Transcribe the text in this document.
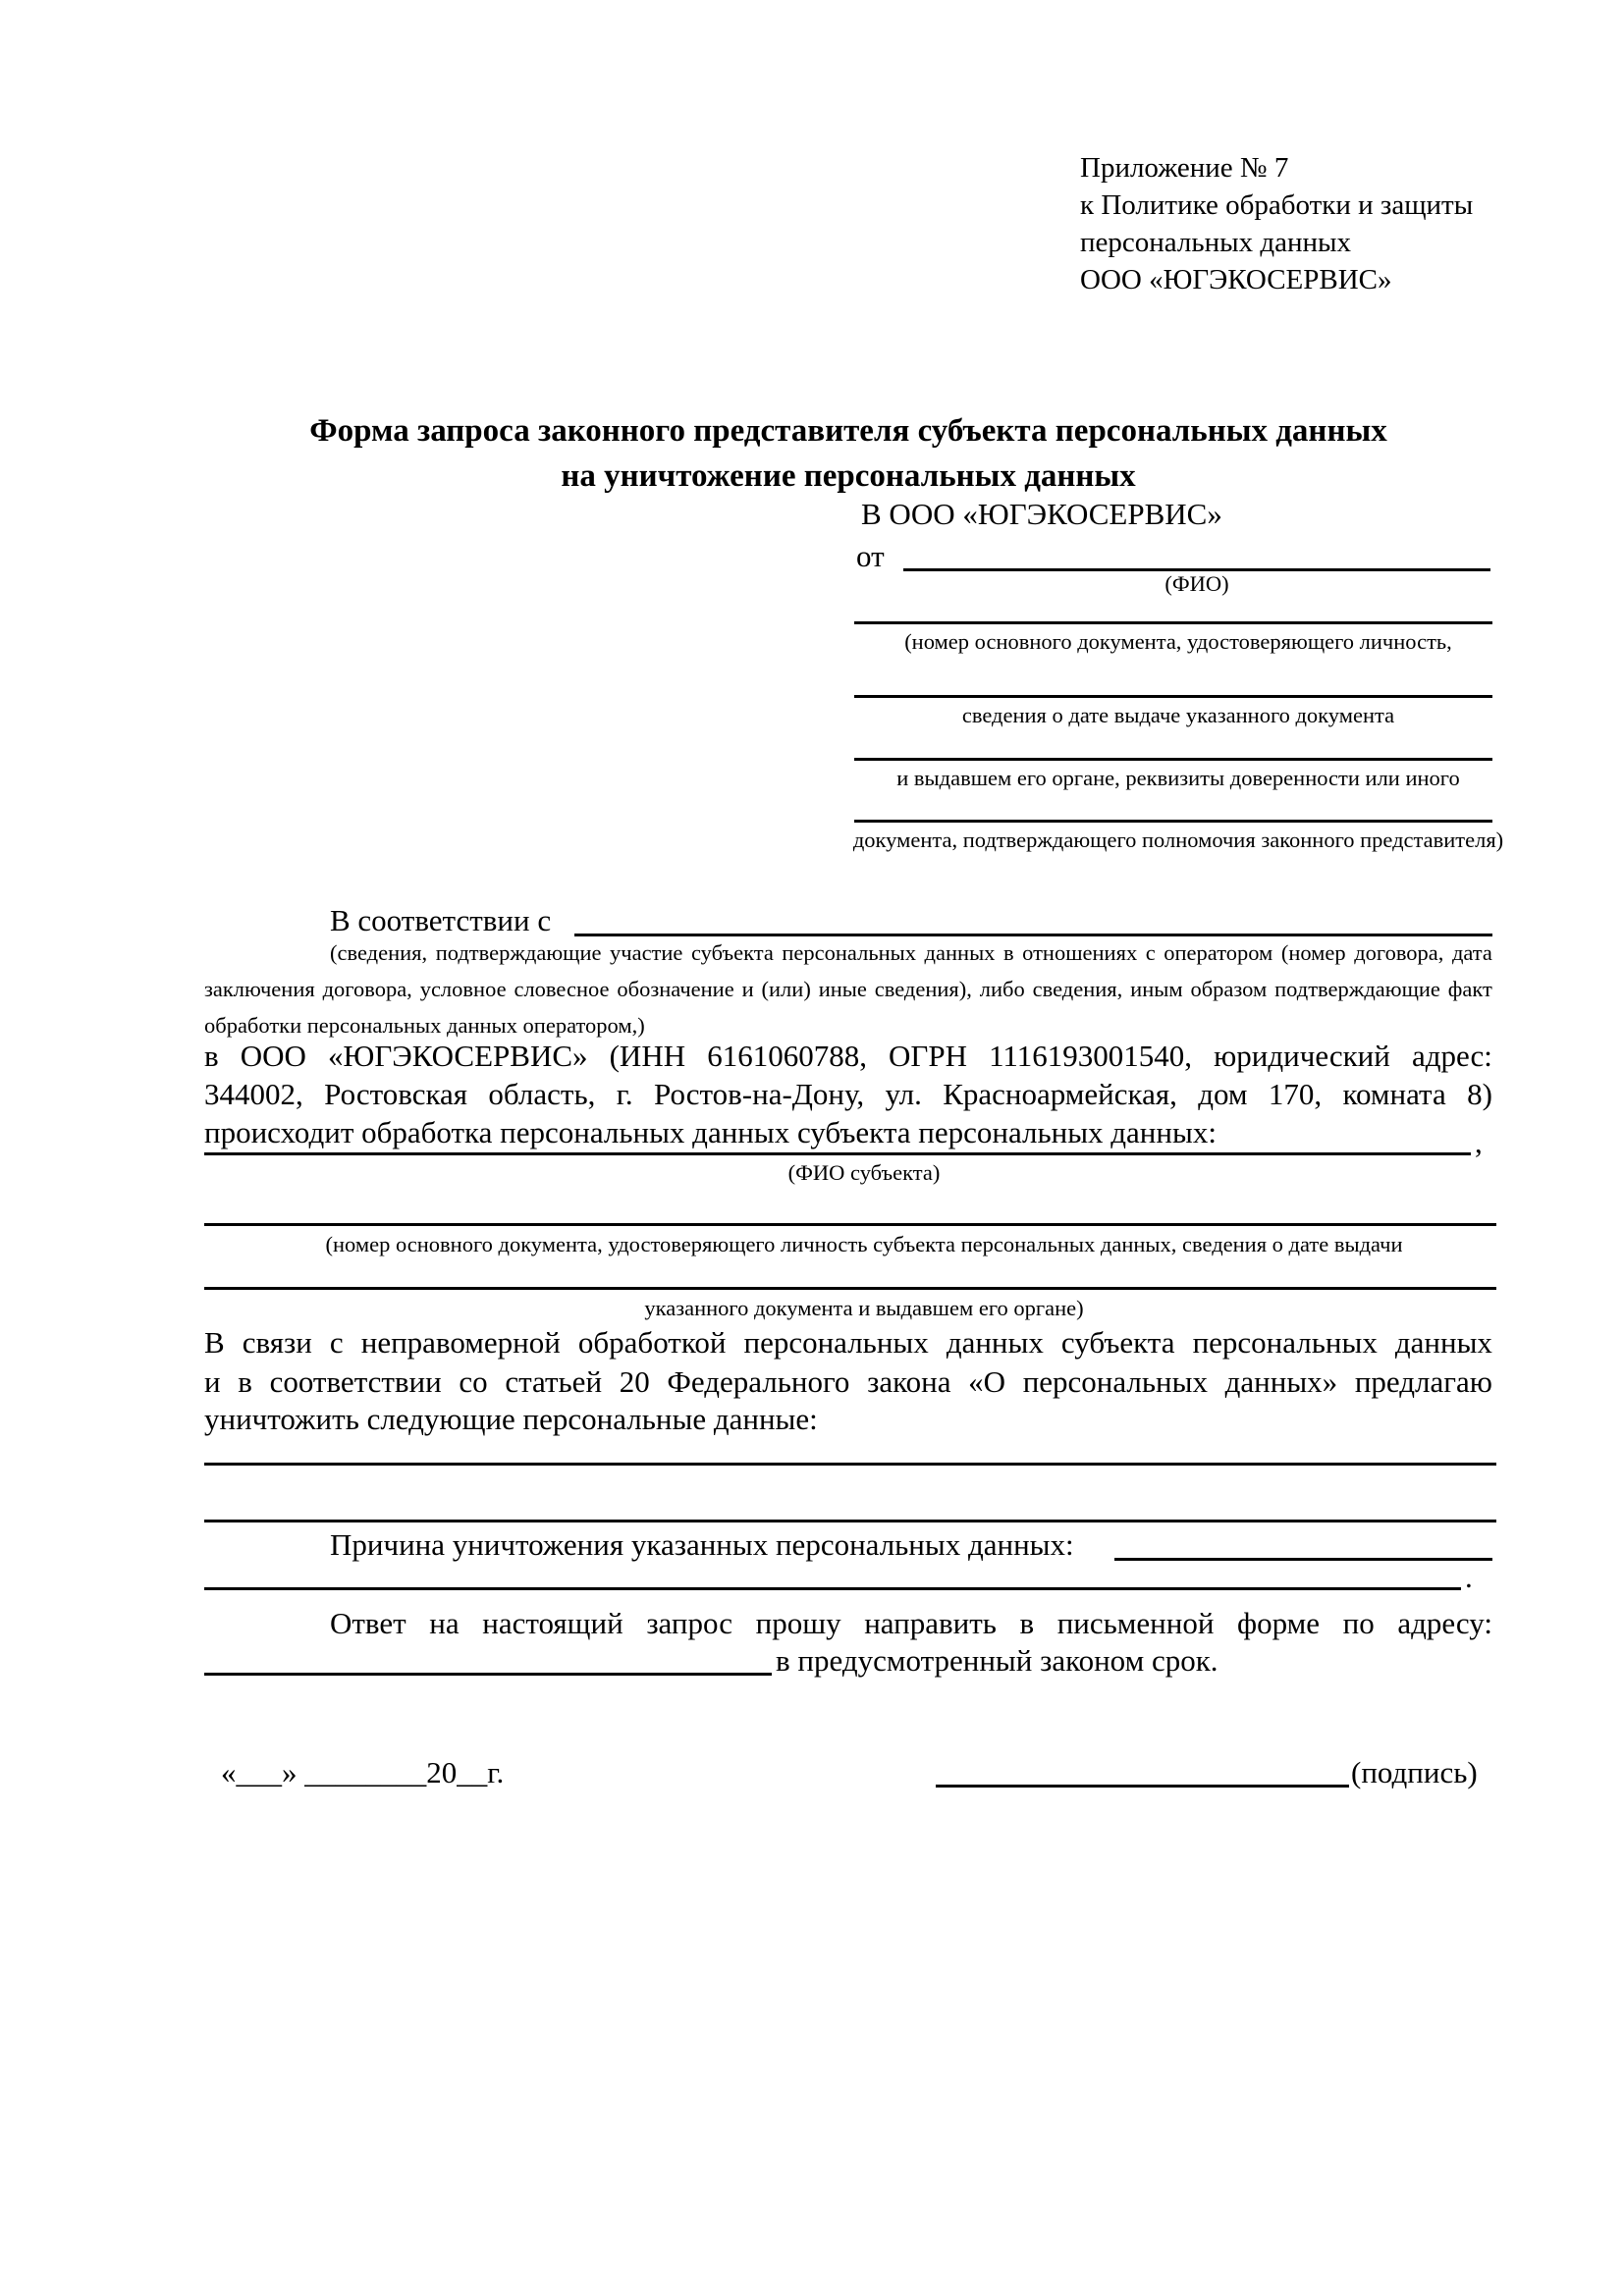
Приложение № 7
к Политике обработки и защиты
персональных данных
ООО «ЮГЭКОСЕРВИС»
Форма запроса законного представителя субъекта персональных данных
на уничтожение персональных данных
В ООО «ЮГЭКОСЕРВИС»
от
(ФИО)
(номер основного документа, удостоверяющего личность,
сведения о дате выдаче указанного документа
и выдавшем его органе, реквизиты доверенности или иного
документа, подтверждающего полномочия законного представителя)
В соответствии с
(сведения, подтверждающие участие субъекта персональных данных в отношениях с оператором (номер договора, дата
заключения договора, условное словесное обозначение и (или) иные сведения), либо сведения, иным образом подтверждающие факт
обработки персональных данных оператором,)
в ООО «ЮГЭКОСЕРВИС» (ИНН 6161060788, ОГРН 1116193001540, юридический адрес:
344002, Ростовская область, г. Ростов-на-Дону, ул. Красноармейская, дом 170, комната 8)
происходит обработка персональных данных субъекта персональных данных:	,
(ФИО субъекта)
(номер основного документа, удостоверяющего личность субъекта персональных данных, сведения о дате выдачи
указанного документа и выдавшем его органе)
В связи с неправомерной обработкой персональных данных субъекта персональных данных
и в соответствии со статьей 20 Федерального закона «О персональных данных» предлагаю
уничтожить следующие персональные данные:
Причина уничтожения указанных персональных данных:
.
Ответ на настоящий запрос прошу направить в письменной форме по адресу:
в предусмотренный законом срок.
«___» ________20__г.	(подпись)
